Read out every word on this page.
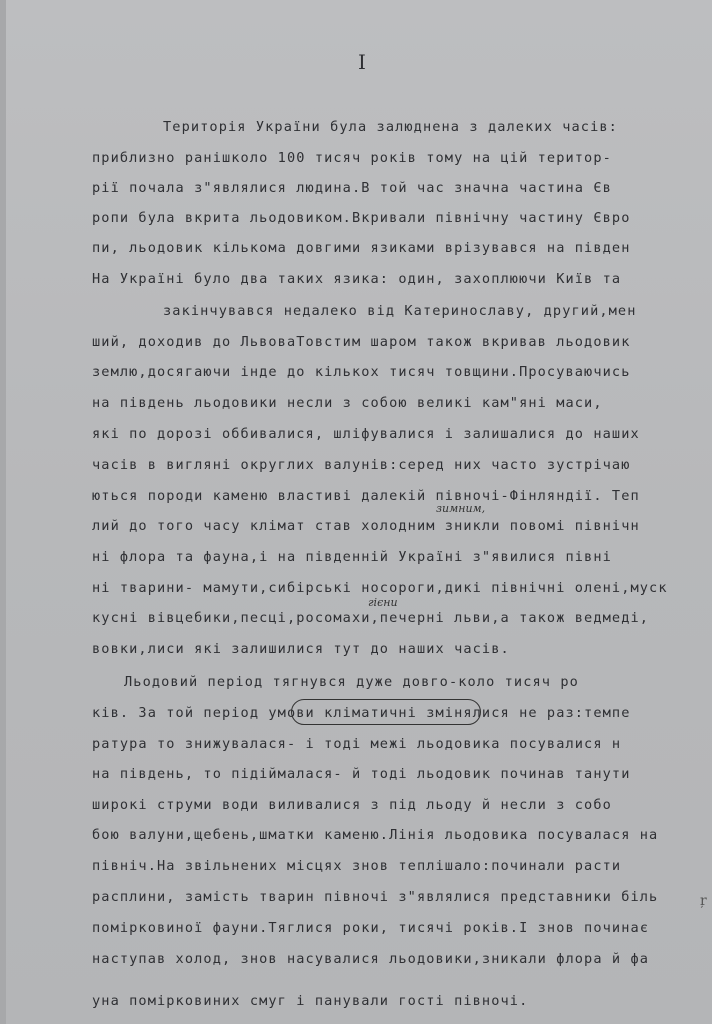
I
Територія України була залюднена з далеких часів:
приблизно ранішколо 100 тисяч років тому на цій територ-
рії почала з"являлися людина.В той час значна частина Єв
ропи була вкрита льодовиком.Вкривали північну частину Євро
пи, льодовик кількома довгими язиками врізувався на півден
На Україні було два таких язика: один, захоплюючи Київ та
закінчувався недалеко від Катеринославу, другий,мен
ший, доходив до ЛьвоваТовстим шаром також вкривав льодовик
землю,досягаючи інде до кількох тисяч товщини.Просуваючись
на південь льодовики несли з собою великі кам"яні маси,
які по дорозі оббивалися, шліфувалися і залишалися до наших
часів в вигляні округлих валунів:серед них часто зустрічаю
ються породи каменю властиві далекій півночі-Фінляндії. Теп
зимним,
лий до того часу клімат став холодним зникли повомі північн
ні флора та фауна,і на південній Україні з"явилися півні
ні тварини- мамути,сибірські носороги,дикі північні олені,муск
гієни
кусні вівцебики,песці,росомахи,печерні льви,а також ведмеді,
вовки,лиси які залишилися тут до наших часів.
Льодовий період тягнувся дуже довго-коло тисяч ро
ків. За той період умови кліматичні змінялися не раз:темпе
ратура то знижувалася- і тоді межі льодовика посувалися н
на південь, то підіймалася- й тоді льодовик починав танути
широкі струми води виливалися з під льоду й несли з собо
бою валуни,щебень,шматки каменю.Лінія льодовика посувалася на
північ.На звільнених місцях знов теплішало:починали расти
расплини, замість тварин півночі з"являлися представники біль
помірковиної фауни.Тяглися роки, тисячі років.І знов починає
наступав холод, знов насувалися льодовики,зникали флора й фа
уна помірковиних смуг і панували гості півночі.
ŗ
